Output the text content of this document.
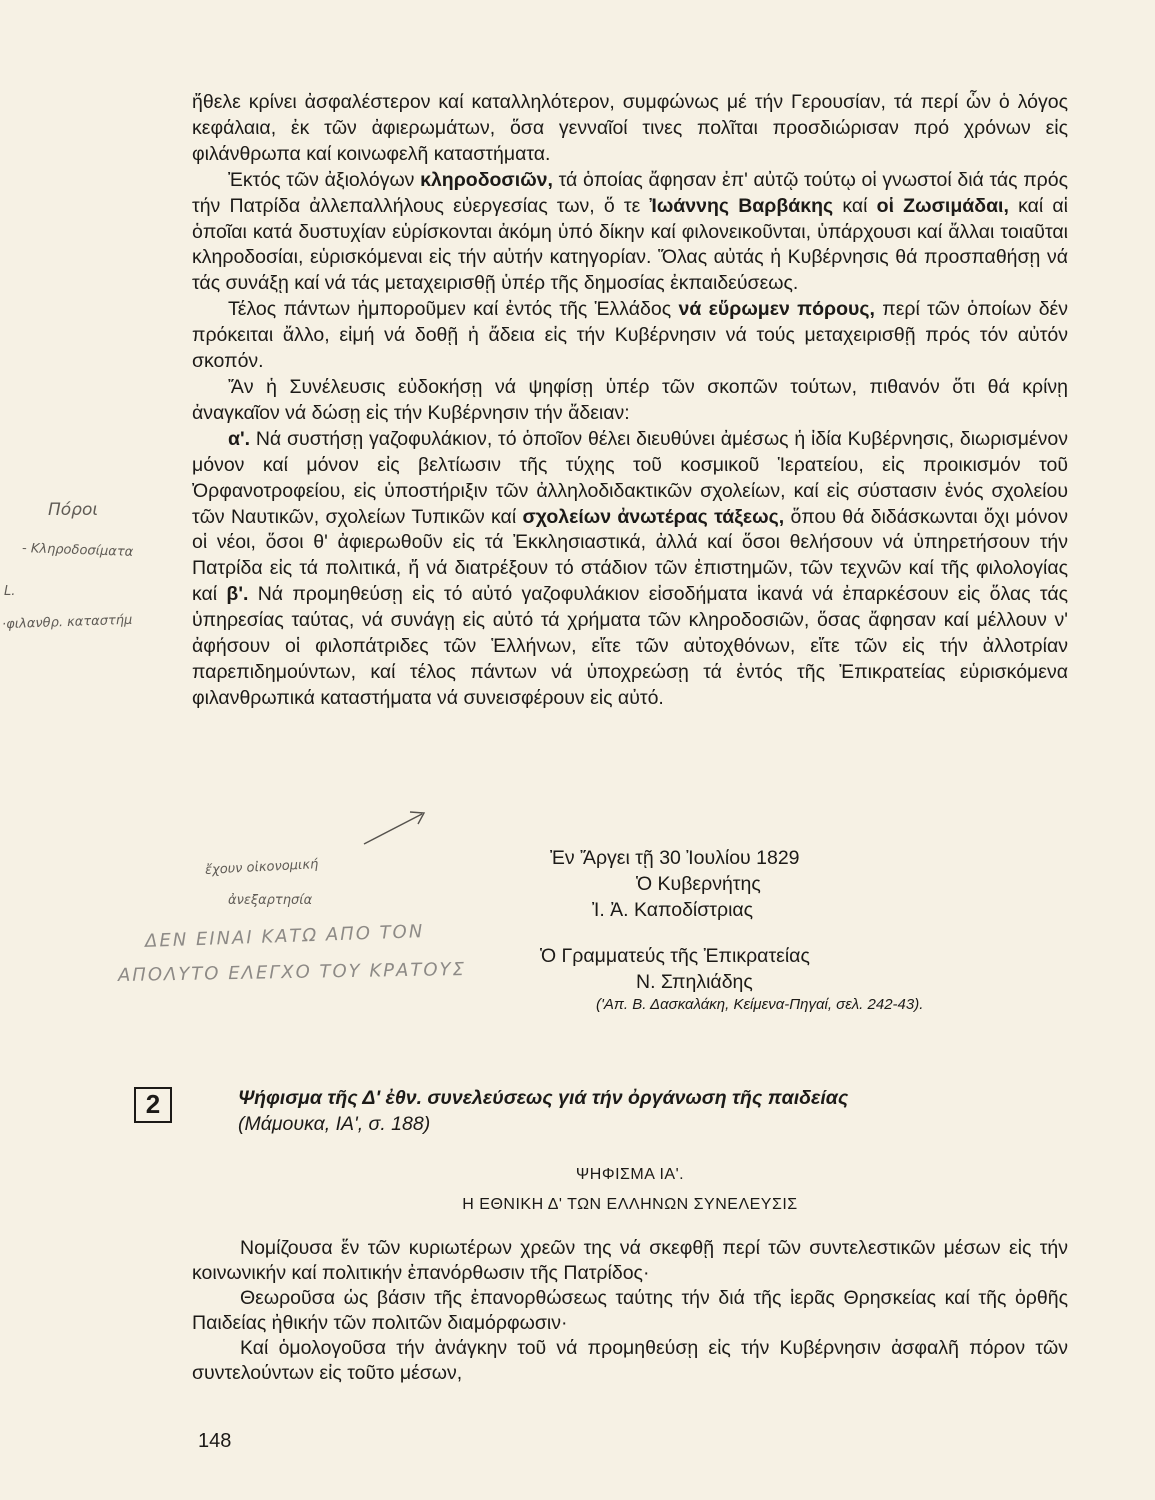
ἤθελε κρίνει ἀσφαλέστερον καί καταλληλότερον, συμφώνως μέ τήν Γερουσίαν, τά περί ὧν ὁ λόγος κεφάλαια, ἐκ τῶν ἀφιερωμάτων, ὅσα γενναῖοί τινες πολῖται προσδιώρισαν πρό χρόνων εἰς φιλάνθρωπα καί κοινωφελῆ καταστήματα.

Ἐκτός τῶν ἀξιολόγων κληροδοσιῶν, τά ὁποίας ἄφησαν ἐπ' αὐτῷ τούτῳ οἱ γνωστοί διά τάς πρός τήν Πατρίδα ἀλλεπαλλήλους εὐεργεσίας των, ὅ τε Ἰωάννης Βαρβάκης καί οἱ Ζωσιμάδαι, καί αἱ ὁποῖαι κατά δυστυχίαν εὑρίσκονται ἀκόμη ὑπό δίκην καί φιλονεικοῦνται, ὑπάρχουσι καί ἄλλαι τοιαῦται κληροδοσίαι, εὑρισκόμεναι εἰς τήν αὐτήν κατηγορίαν. Ὅλας αὐτάς ἡ Κυβέρνησις θά προσπαθήσῃ νά τάς συνάξῃ καί νά τάς μεταχειρισθῇ ὑπέρ τῆς δημοσίας ἐκπαιδεύσεως.

Τέλος πάντων ἠμποροῦμεν καί ἐντός τῆς Ἑλλάδος νά εὕρωμεν πόρους, περί τῶν ὁποίων δέν πρόκειται ἄλλο, εἰμή νά δοθῇ ἡ ἄδεια εἰς τήν Κυβέρνησιν νά τούς μεταχειρισθῇ πρός τόν αὐτόν σκοπόν.

Ἄν ἡ Συνέλευσις εὐδοκήσῃ νά ψηφίσῃ ὑπέρ τῶν σκοπῶν τούτων, πιθανόν ὅτι θά κρίνῃ ἀναγκαῖον νά δώσῃ εἰς τήν Κυβέρνησιν τήν ἄδειαν:

α'. Νά συστήσῃ γαζοφυλάκιον, τό ὁποῖον θέλει διευθύνει ἀμέσως ἡ ἰδία Κυβέρνησις, διωρισμένον μόνον καί μόνον εἰς βελτίωσιν τῆς τύχης τοῦ κοσμικοῦ Ἱερατείου, εἰς προικισμόν τοῦ Ὀρφανοτροφείου, εἰς ὑποστήριξιν τῶν ἀλληλοδιδακτικῶν σχολείων, καί εἰς σύστασιν ἑνός σχολείου τῶν Ναυτικῶν, σχολείων Τυπικῶν καί σχολείων ἀνωτέρας τάξεως, ὅπου θά διδάσκωνται ὄχι μόνον οἱ νέοι, ὅσοι θ' ἀφιερωθοῦν εἰς τά Ἐκκλησιαστικά, ἀλλά καί ὅσοι θελήσουν νά ὑπηρετήσουν τήν Πατρίδα εἰς τά πολιτικά, ἤ νά διατρέξουν τό στάδιον τῶν ἐπιστημῶν, τῶν τεχνῶν καί τῆς φιλολογίας καί β'. Νά προμηθεύσῃ εἰς τό αὐτό γαζοφυλάκιον εἰσοδήματα ἱκανά νά ἐπαρκέσουν εἰς ὅλας τάς ὑπηρεσίας ταύτας, νά συνάγῃ εἰς αὐτό τά χρήματα τῶν κληροδοσιῶν, ὅσας ἄφησαν καί μέλλουν ν' ἀφήσουν οἱ φιλοπάτριδες τῶν Ἑλλήνων, εἴτε τῶν αὐτοχθόνων, εἴτε τῶν εἰς τήν ἀλλοτρίαν παρεπιδημούντων, καί τέλος πάντων νά ὑποχρεώσῃ τά ἐντός τῆς Ἐπικρατείας εὑρισκόμενα φιλανθρωπικά καταστήματα νά συνεισφέρουν εἰς αὐτό.

Πόροι
- Κληροδοσίματα
L.
·φιλανθρ. καταστήμ
ἔχουν οἰκονομική
ἀνεξαρτησία
ΔΕΝ ΕΙΝΑΙ ΚΑΤΩ ΑΠΟ ΤΟΝ
ΑΠΟΛΥΤΟ ΕΛΕΓΧΟ ΤΟΥ ΚΡΑΤΟΥΣ
Ἐν Ἄργει τῇ 30 Ἰουλίου 1829
Ὁ Κυβερνήτης
Ἰ. Ἀ. Καποδίστριας
Ὁ Γραμματεύς τῆς Ἐπικρατείας
Ν. Σπηλιάδης
('Απ. Β. Δασκαλάκη, Κείμενα-Πηγαί, σελ. 242-43).
2	Ψήφισμα τῆς Δ' ἐθν. συνελεύσεως γιά τήν ὀργάνωση τῆς παιδείας
(Μάμουκα, ΙΑ', σ. 188)
ΨΗΦΙΣΜΑ ΙΑ'.
Η ΕΘΝΙΚΗ Δ' ΤΩΝ ΕΛΛΗΝΩΝ ΣΥΝΕΛΕΥΣΙΣ

Νομίζουσα ἕν τῶν κυριωτέρων χρεῶν της νά σκεφθῇ περί τῶν συντελεστικῶν μέσων εἰς τήν κοινωνικήν καί πολιτικήν ἐπανόρθωσιν τῆς Πατρίδος·

Θεωροῦσα ὡς βάσιν τῆς ἐπανορθώσεως ταύτης τήν διά τῆς ἱερᾶς Θρησκείας καί τῆς ὀρθῆς Παιδείας ἠθικήν τῶν πολιτῶν διαμόρφωσιν·

Καί ὁμολογοῦσα τήν ἀνάγκην τοῦ νά προμηθεύσῃ εἰς τήν Κυβέρνησιν ἀσφαλῆ πόρον τῶν συντελούντων εἰς τοῦτο μέσων,

148
